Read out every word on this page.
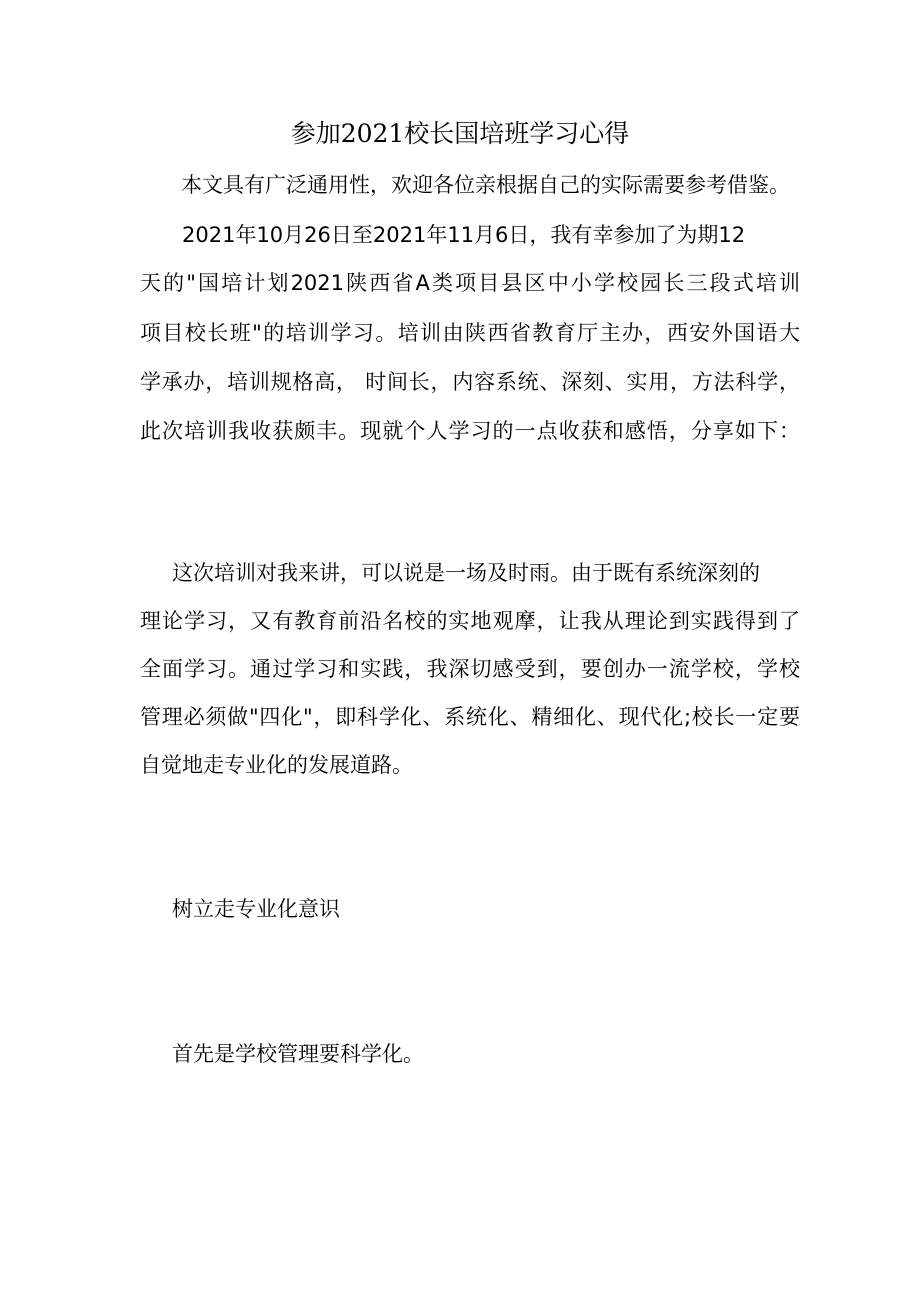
参加2021校长国培班学习心得
本文具有广泛通用性，欢迎各位亲根据自己的实际需要参考借鉴。
2021年10月26日至2021年11月6日，我有幸参加了为期12
天的"国培计划2021陕西省A类项目县区中小学校园长三段式培训
项目校长班"的培训学习。培训由陕西省教育厅主办，西安外国语大
学承办，培训规格高， 时间长，内容系统、深刻、实用，方法科学，
此次培训我收获颇丰。现就个人学习的一点收获和感悟，分享如下：
这次培训对我来讲，可以说是一场及时雨。由于既有系统深刻的
理论学习，又有教育前沿名校的实地观摩，让我从理论到实践得到了
全面学习。通过学习和实践，我深切感受到，要创办一流学校，学校
管理必须做"四化"，即科学化、系统化、精细化、现代化;校长一定要
自觉地走专业化的发展道路。
树立走专业化意识
首先是学校管理要科学化。
